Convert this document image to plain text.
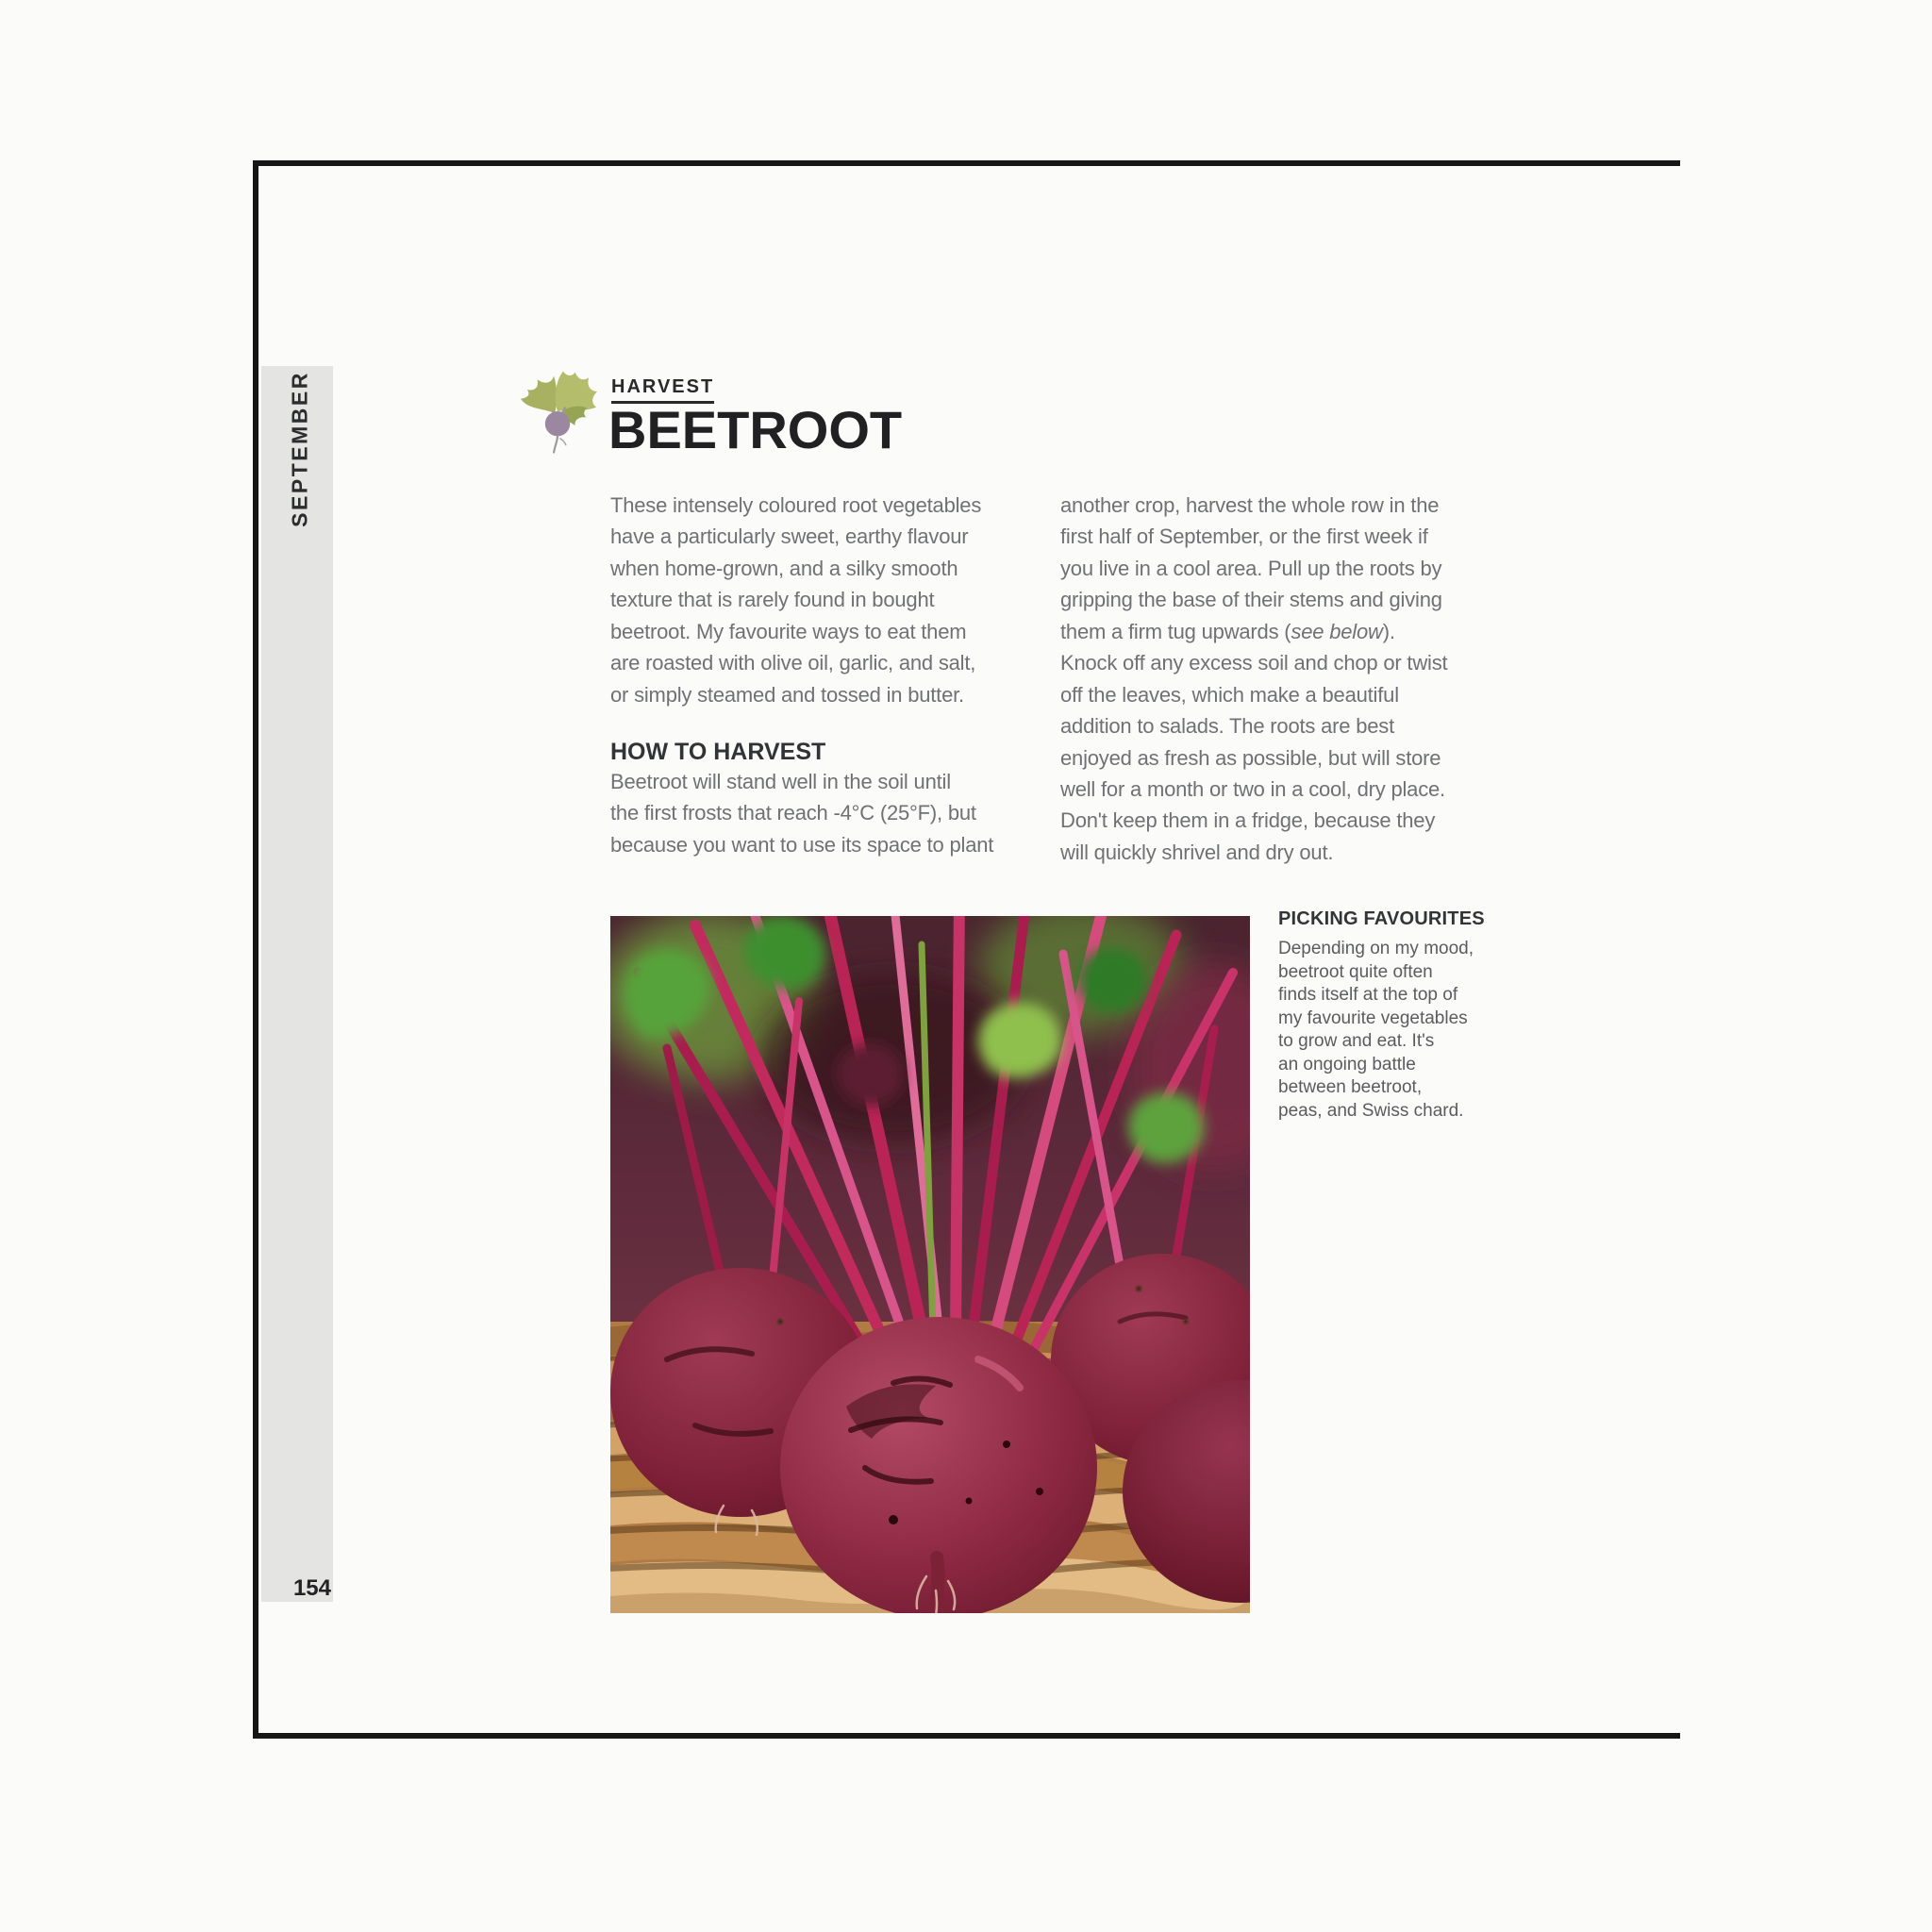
SEPTEMBER
154
HARVEST
BEETROOT
These intensely coloured root vegetables
have a particularly sweet, earthy flavour
when home-grown, and a silky smooth
texture that is rarely found in bought
beetroot. My favourite ways to eat them
are roasted with olive oil, garlic, and salt,
or simply steamed and tossed in butter.
HOW TO HARVEST
Beetroot will stand well in the soil until
the first frosts that reach -4°C (25°F), but
because you want to use its space to plant
another crop, harvest the whole row in the
first half of September, or the first week if
you live in a cool area. Pull up the roots by
gripping the base of their stems and giving
them a firm tug upwards (see below).
Knock off any excess soil and chop or twist
off the leaves, which make a beautiful
addition to salads. The roots are best
enjoyed as fresh as possible, but will store
well for a month or two in a cool, dry place.
Don't keep them in a fridge, because they
will quickly shrivel and dry out.
PICKING FAVOURITES
Depending on my mood,
beetroot quite often
finds itself at the top of
my favourite vegetables
to grow and eat. It's
an ongoing battle
between beetroot,
peas, and Swiss chard.
